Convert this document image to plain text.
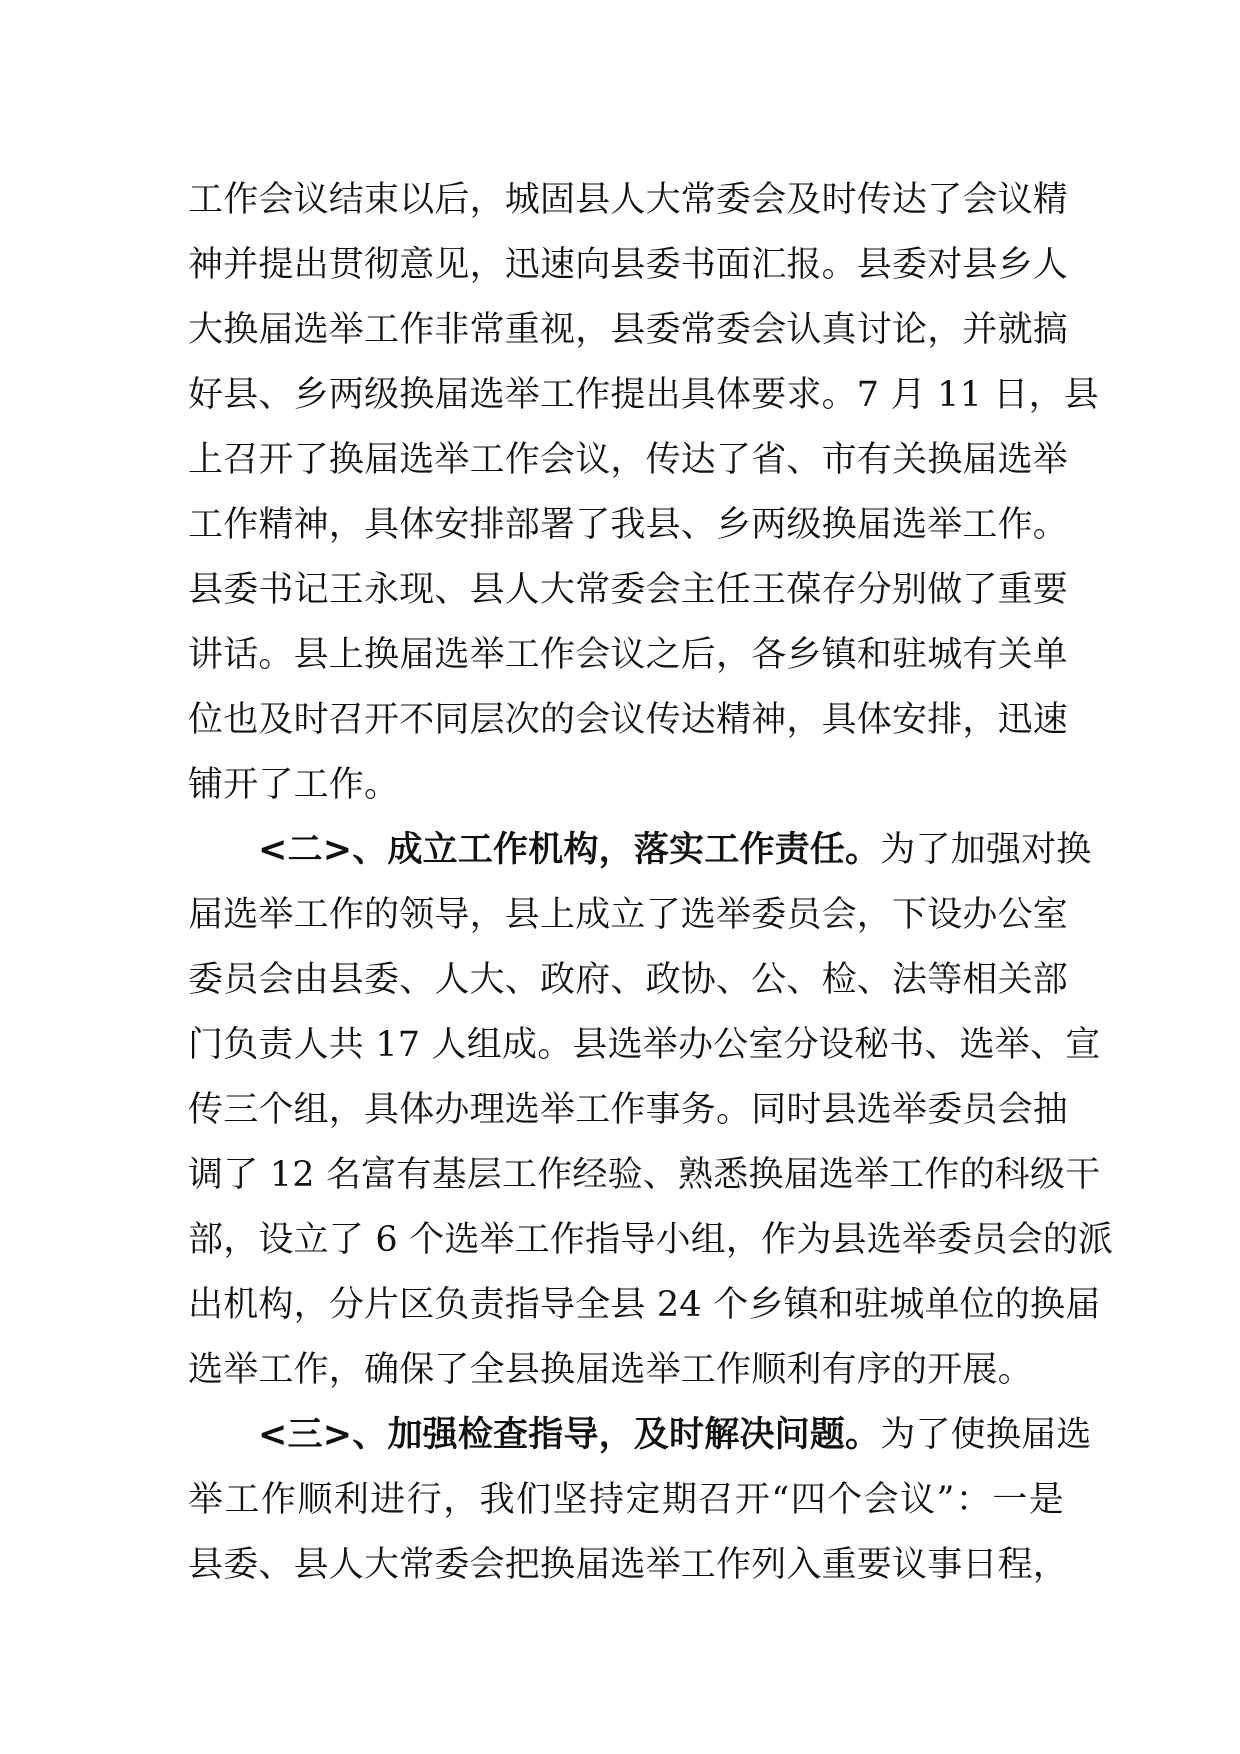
工作会议结束以后，城固县人大常委会及时传达了会议精
神并提出贯彻意见，迅速向县委书面汇报。县委对县乡人
大换届选举工作非常重视，县委常委会认真讨论，并就搞
好县、乡两级换届选举工作提出具体要求。7 月 11 日，县
上召开了换届选举工作会议，传达了省、市有关换届选举
工作精神，具体安排部署了我县、乡两级换届选举工作。
县委书记王永现、县人大常委会主任王葆存分别做了重要
讲话。县上换届选举工作会议之后，各乡镇和驻城有关单
位也及时召开不同层次的会议传达精神，具体安排，迅速
铺开了工作。
<二>、成立工作机构，落实工作责任。为了加强对换
届选举工作的领导，县上成立了选举委员会，下设办公室
委员会由县委、人大、政府、政协、公、检、法等相关部
门负责人共 17 人组成。县选举办公室分设秘书、选举、宣
传三个组，具体办理选举工作事务。同时县选举委员会抽
调了 12 名富有基层工作经验、熟悉换届选举工作的科级干
部，设立了 6 个选举工作指导小组，作为县选举委员会的派
出机构，分片区负责指导全县 24 个乡镇和驻城单位的换届
选举工作，确保了全县换届选举工作顺利有序的开展。
<三>、加强检查指导，及时解决问题。为了使换届选
举工作顺利进行，我们坚持定期召开“四个会议”：一是
县委、县人大常委会把换届选举工作列入重要议事日程，
